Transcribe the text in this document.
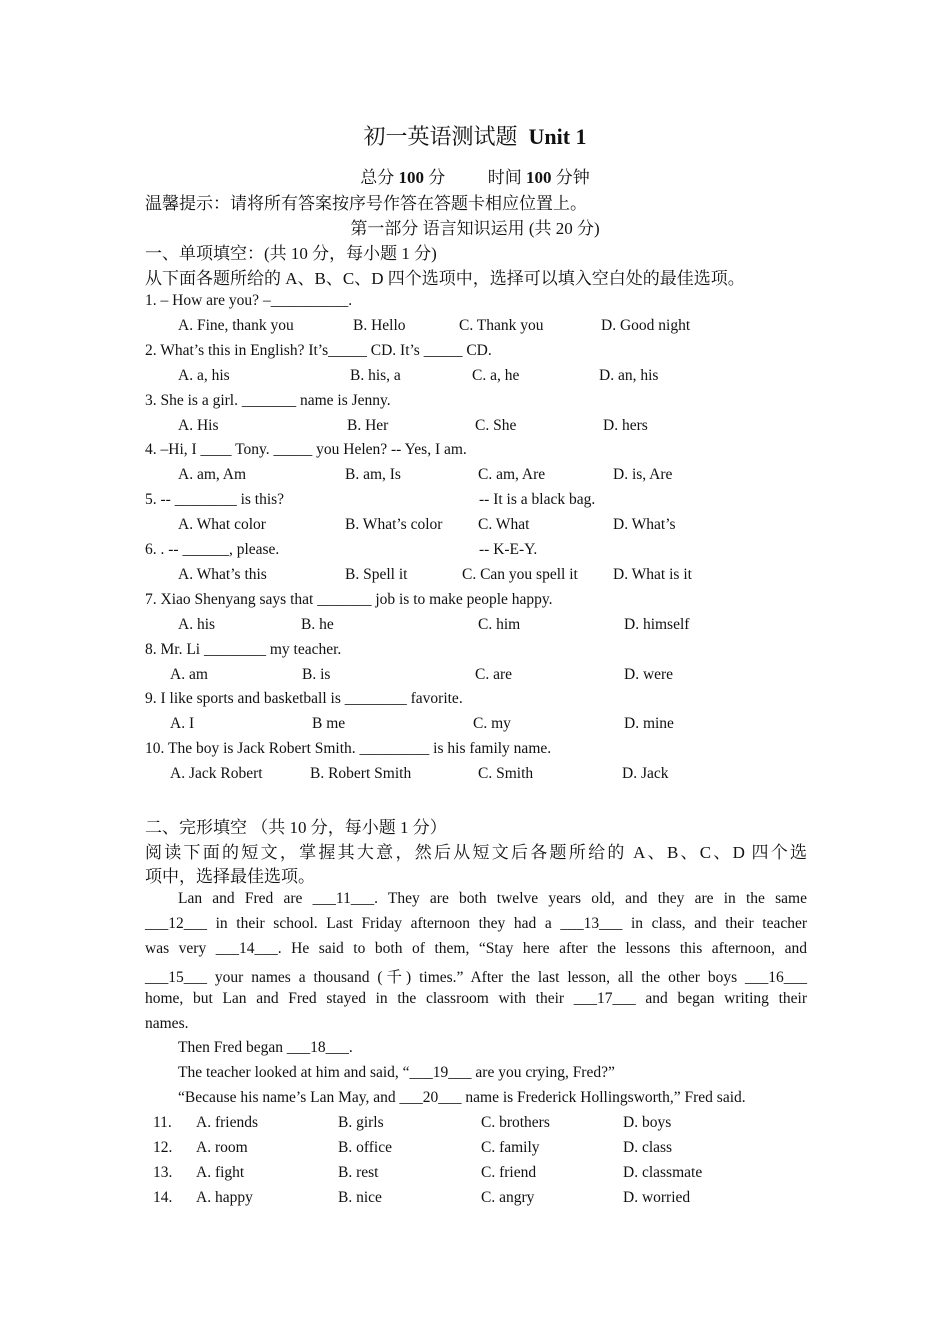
初一英语测试题 Unit 1
总分 100 分	时间 100 分钟
温馨提示：请将所有答案按序号作答在答题卡相应位置上。
第一部分 语言知识运用 (共 20 分)
一、单项填空：(共 10 分，每小题 1 分)
从下面各题所给的 A、B、C、D 四个选项中，选择可以填入空白处的最佳选项。
1. – How are you? –__________.
A. Fine, thank you	B. Hello	C. Thank you	D. Good night
2. What’s this in English? It’s_____ CD. It’s _____ CD.
A. a, his	B. his, a	C. a, he	D. an, his
3. She is a girl. _______ name is Jenny.
A. His	B. Her	C. She	D. hers
4. –Hi, I ____ Tony. _____ you Helen? -- Yes, I am.
A. am, Am	B. am, Is	C. am, Are	D. is, Are
5. -- ________ is this?	-- It is a black bag.
A. What color	B. What’s color C. What	D. What’s
6. . -- ______, please.	-- K-E-Y.
A. What’s this	B. Spell it	C. Can you spell it D. What is it
7. Xiao Shenyang says that _______ job is to make people happy.
A. his	B. he	C. him	D. himself
8. Mr. Li ________ my teacher.
A. am	B. is	C. are	D. were
9. I like sports and basketball is ________ favorite.
A. I	B me	C. my	D. mine
10. The boy is Jack Robert Smith. _________ is his family name.
A. Jack Robert	B. Robert Smith	C. Smith	D. Jack
二、完形填空 （共 10 分，每小题 1 分）
阅读下面的短文，掌握其大意，然后从短文后各题所给的 A、B、C、D 四个选
项中，选择最佳选项。
Lan and Fred are ___11___. They are both twelve years old, and they are in the same
___12___ in their school. Last Friday afternoon they had a ___13___ in class, and their teacher
was very ___14___. He said to both of them, “Stay here after the lessons this afternoon, and
___15___ your names a thousand (千) times.” After the last lesson, all the other boys ___16___
home, but Lan and Fred stayed in the classroom with their ___17___ and began writing their
names.
Then Fred began ___18___.
The teacher looked at him and said, “___19___ are you crying, Fred?”
“Because his name’s Lan May, and ___20___ name is Frederick Hollingsworth,” Fred said.
11. A. friends	B. girls	C. brothers	D. boys
12. A. room	B. office	C. family	D. class
13. A. fight	B. rest	C. friend	D. classmate
14. A. happy	B. nice	C. angry	D. worried
